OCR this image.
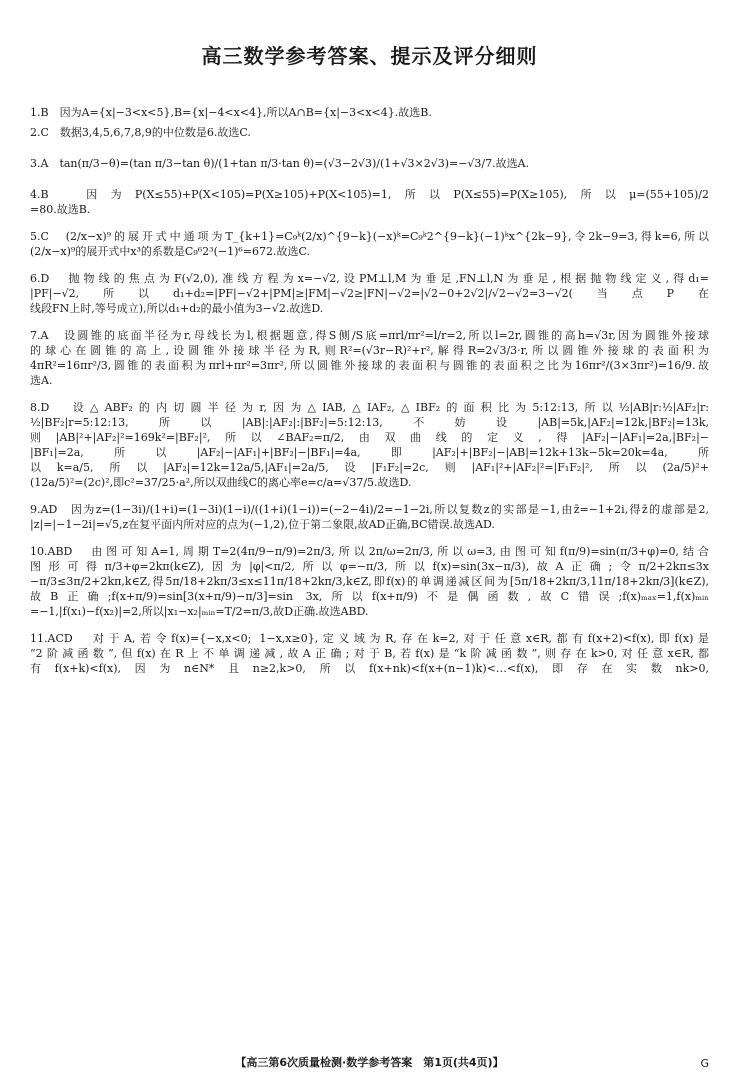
高三数学参考答案、提示及评分细则
1.B　因为A={x|−3<x<5},B={x|−4<x<4},所以A∩B={x|−3<x<4}.故选B.
2.C　数据3,4,5,6,7,8,9的中位数是6.故选C.
3.A　tan(π/3−θ)=(tan π/3−tan θ)/(1+tan π/3·tan θ)=(√3−2√3)/(1+√3×2√3)=−√3/7.故选A.
4.B　因为P(X≤55)+P(X<105)=P(X≥105)+P(X<105)=1,所以P(X≤55)=P(X≥105),所以μ=(55+105)/2
=80.故选B.
5.C　(2/x−x)⁹的展开式中通项为T_{k+1}=C₉ᵏ(2/x)^{9−k}(−x)ᵏ=C₉ᵏ2^{9−k}(−1)ᵏx^{2k−9},令2k−9=3,得k=6,所以
(2/x−x)⁹的展开式中x³的系数是C₉⁶2³(−1)⁶=672.故选C.
6.D　抛物线的焦点为F(√2,0),准线方程为x=−√2,设PM⊥l,M为垂足,FN⊥l,N为垂足,根据抛物线定义,得d₁=
|PF|−√2,所以d₁+d₂=|PF|−√2+|PM|≥|FM|−√2≥|FN|−√2=|√2−0+2√2|/√2−√2=3−√2(当点P在
线段FN上时,等号成立),所以d₁+d₂的最小值为3−√2.故选D.
7.A　设圆锥的底面半径为r,母线长为l,根据题意,得S侧/S底=πrl/πr²=l/r=2,所以l=2r,圆锥的高h=√3r,因为圆锥外接球
的球心在圆锥的高上,设圆锥外接球半径为R,则R²=(√3r−R)²+r²,解得R=2√3/3·r,所以圆锥外接球的表面积为
4πR²=16πr²/3,圆锥的表面积为πrl+πr²=3πr²,所以圆锥外接球的表面积与圆锥的表面积之比为16πr²/(3×3πr²)=16/9.故
选A.
8.D　设△ABF₂的内切圆半径为r,因为△IAB,△IAF₂,△IBF₂的面积比为5:12:13,所以½|AB|r:½|AF₂|r:
½|BF₂|r=5:12:13,所以|AB|:|AF₂|:|BF₂|=5:12:13,不妨设|AB|=5k,|AF₂|=12k,|BF₂|=13k,
则|AB|²+|AF₂|²=169k²=|BF₂|²,所以∠BAF₂=π/2,由双曲线的定义,得|AF₂|−|AF₁|=2a,|BF₂|−
|BF₁|=2a,所以|AF₂|−|AF₁|+|BF₂|−|BF₁|=4a,即|AF₂|+|BF₂|−|AB|=12k+13k−5k=20k=4a,所
以k=a/5,所以|AF₂|=12k=12a/5,|AF₁|=2a/5,设|F₁F₂|=2c,则|AF₁|²+|AF₂|²=|F₁F₂|²,所以(2a/5)²+
(12a/5)²=(2c)²,即c²=37/25·a²,所以双曲线C的离心率e=c/a=√37/5.故选D.
9.AD　因为z=(1−3i)/(1+i)=(1−3i)(1−i)/((1+i)(1−i))=(−2−4i)/2=−1−2i,所以复数z的实部是−1,由z̄=−1+2i,得z̄的虚部是2,
|z|=|−1−2i|=√5,z在复平面内所对应的点为(−1,2),位于第二象限,故AD正确,BC错误.故选AD.
10.ABD　由图可知A=1,周期T=2(4π/9−π/9)=2π/3,所以2π/ω=2π/3,所以ω=3,由图可知f(π/9)=sin(π/3+φ)=0,结合
图形可得π/3+φ=2kπ(k∈Z),因为|φ|<π/2,所以φ=−π/3,所以f(x)=sin(3x−π/3),故A正确;令π/2+2kπ≤3x
−π/3≤3π/2+2kπ,k∈Z,得5π/18+2kπ/3≤x≤11π/18+2kπ/3,k∈Z,即f(x)的单调递减区间为[5π/18+2kπ/3,11π/18+2kπ/3](k∈Z),
故B正确;f(x+π/9)=sin[3(x+π/9)−π/3]=sin 3x,所以f(x+π/9)不是偶函数,故C错误;f(x)ₘₐₓ=1,f(x)ₘᵢₙ
=−1,|f(x₁)−f(x₂)|=2,所以|x₁−x₂|ₘᵢₙ=T/2=π/3,故D正确.故选ABD.
11.ACD　对于A,若令f(x)={−x,x<0; 1−x,x≥0},定义域为R,存在k=2,对于任意x∈R,都有f(x+2)<f(x),即f(x)是
“2阶减函数”,但f(x)在R上不单调递减,故A正确;对于B,若f(x)是“k阶减函数”,则存在k>0,对任意x∈R,都
有f(x+k)<f(x),因为n∈N*且n≥2,k>0,所以f(x+nk)<f(x+(n−1)k)<…<f(x),即存在实数nk>0,
【高三第6次质量检测·数学参考答案　第1页(共4页)】	G
